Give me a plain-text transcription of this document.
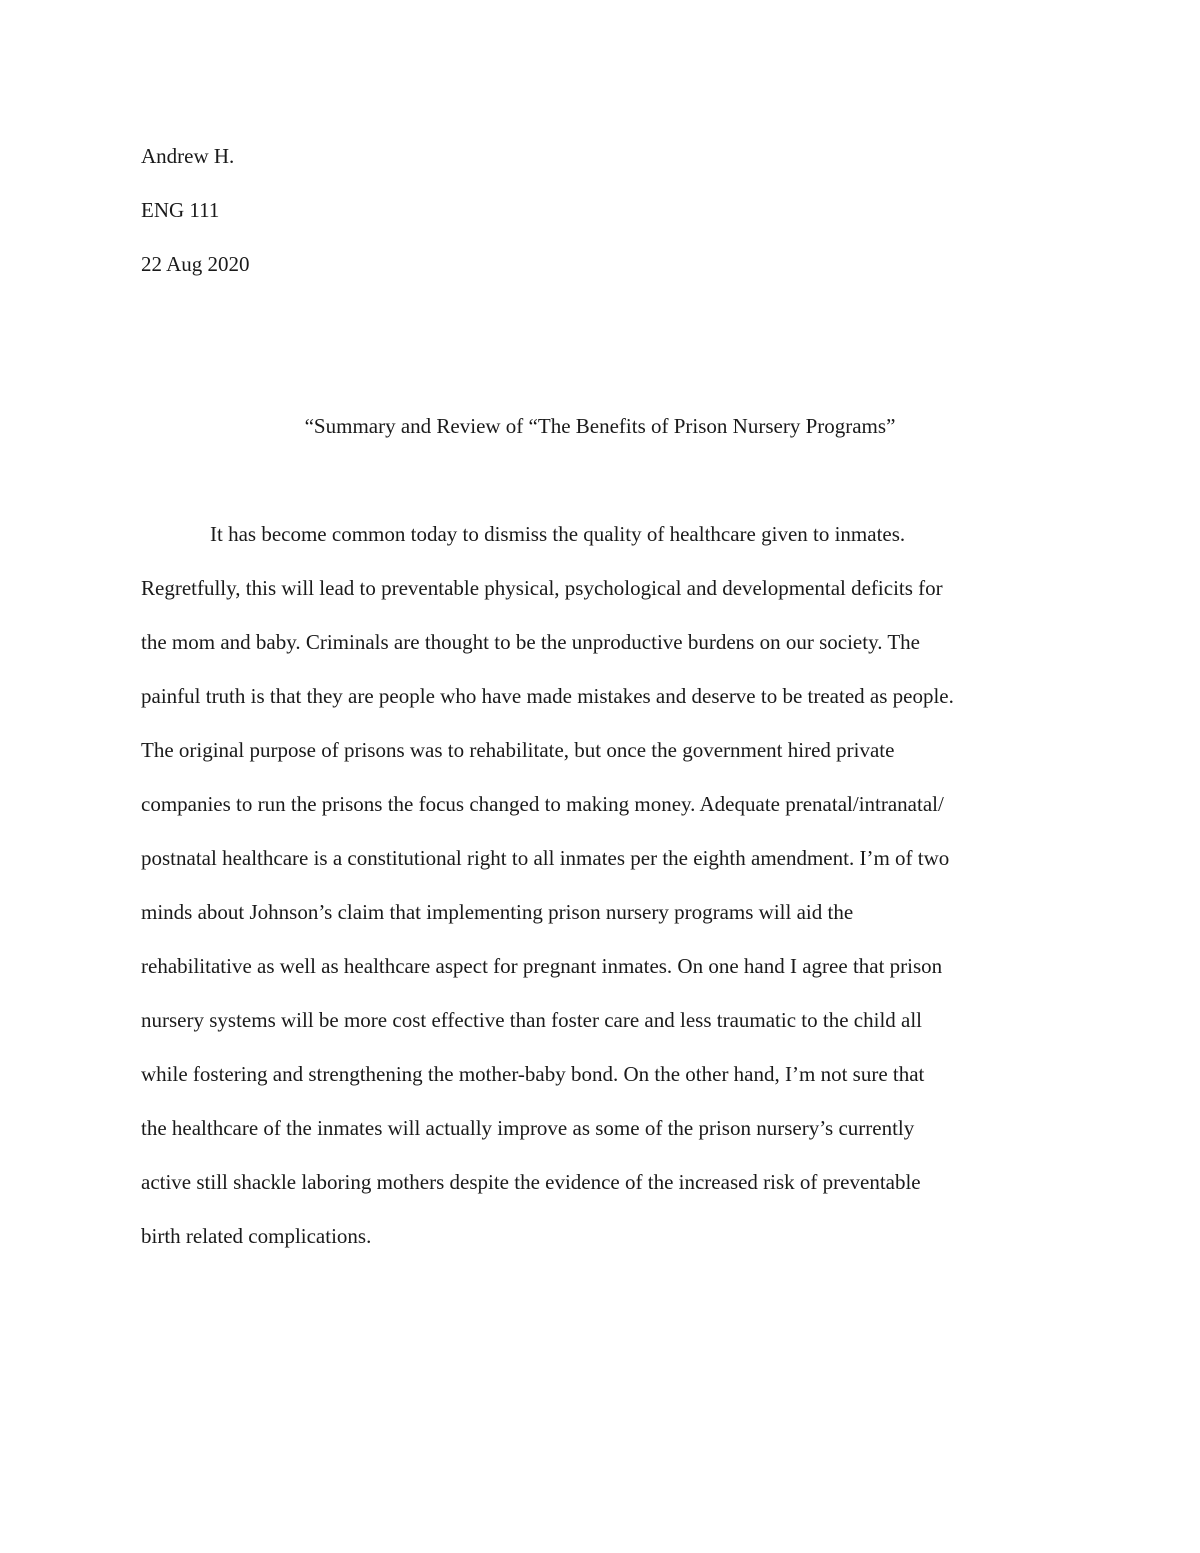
Andrew H.
ENG 111
22 Aug 2020
“Summary and Review of “The Benefits of Prison Nursery Programs”
It has become common today to dismiss the quality of healthcare given to inmates.
Regretfully, this will lead to preventable physical, psychological and developmental deficits for
the mom and baby. Criminals are thought to be the unproductive burdens on our society. The
painful truth is that they are people who have made mistakes and deserve to be treated as people.
The original purpose of prisons was to rehabilitate, but once the government hired private
companies to run the prisons the focus changed to making money. Adequate prenatal/intranatal/
postnatal healthcare is a constitutional right to all inmates per the eighth amendment. I’m of two
minds about Johnson’s claim that implementing prison nursery programs will aid the
rehabilitative as well as healthcare aspect for pregnant inmates. On one hand I agree that prison
nursery systems will be more cost effective than foster care and less traumatic to the child all
while fostering and strengthening the mother-baby bond. On the other hand, I’m not sure that
the healthcare of the inmates will actually improve as some of the prison nursery’s currently
active still shackle laboring mothers despite the evidence of the increased risk of preventable
birth related complications.
